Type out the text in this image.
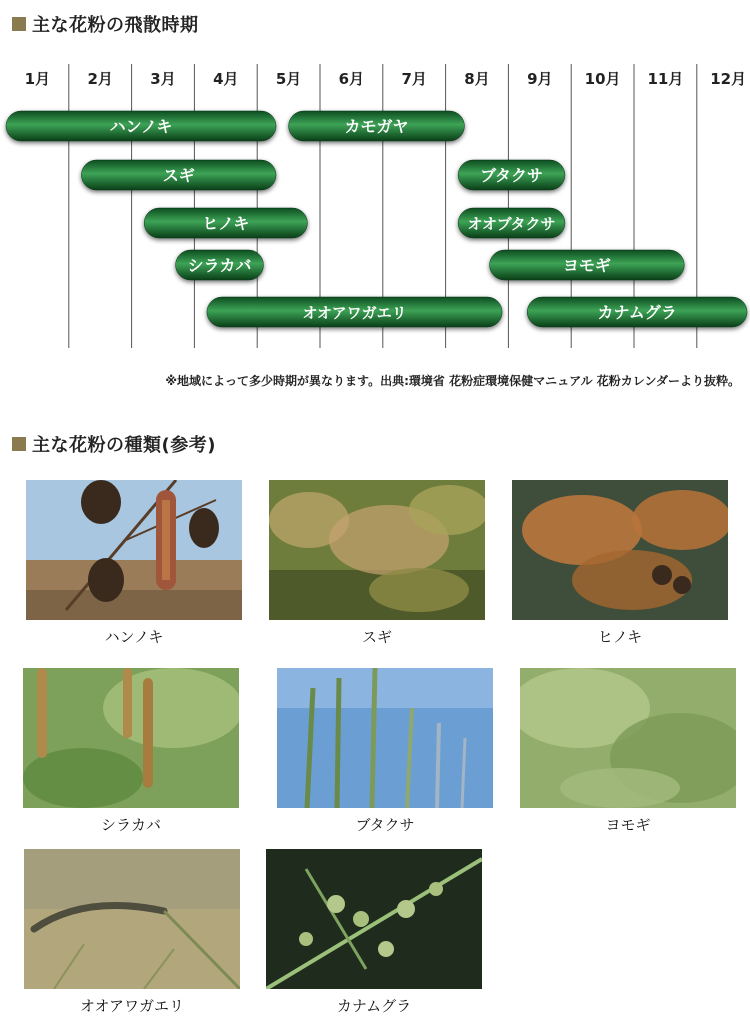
主な花粉の飛散時期
1月 2月 3月 4月 5月 6月 7月 8月 9月 10月 11月 12月
ハンノキ	カモガヤ
スギ	ブタクサ
ヒノキ	オオブタクサ
シラカバ	ヨモギ
オオアワガエリ	カナムグラ
※地域によって多少時期が異なります。出典:環境省 花粉症環境保健マニュアル 花粉カレンダーより抜粋。
主な花粉の種類(参考)
ハンノキ	スギ	ヒノキ
シラカバ	ブタクサ	ヨモギ
オオアワガエリ	カナムグラ
